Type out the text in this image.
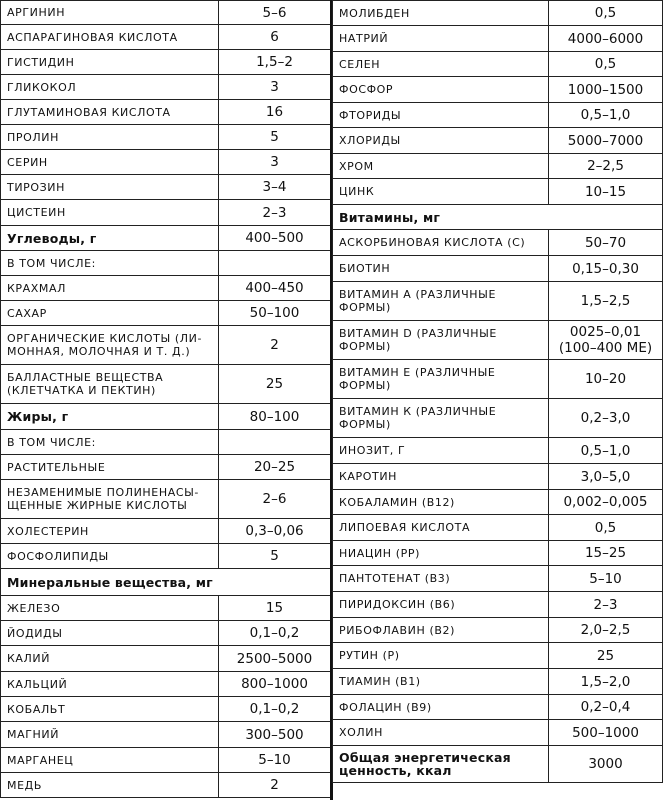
АРГИНИН	5–6
АСПАРАГИНОВАЯ КИСЛОТА	6
ГИСТИДИН	1,5–2
ГЛИКОКОЛ	3
ГЛУТАМИНОВАЯ КИСЛОТА	16
ПРОЛИН	5
СЕРИН	3
ТИРОЗИН	3–4
ЦИСТЕИН	2–3
Углеводы, г	400–500
В ТОМ ЧИСЛЕ:	
КРАХМАЛ	400–450
САХАР	50–100
ОРГАНИЧЕСКИЕ КИСЛОТЫ (ЛИ-МОННАЯ, МОЛОЧНАЯ И Т. Д.)	2
БАЛЛАСТНЫЕ ВЕЩЕСТВА (КЛЕТЧАТКА И ПЕКТИН)	25
Жиры, г	80–100
В ТОМ ЧИСЛЕ:	
РАСТИТЕЛЬНЫЕ	20–25
НЕЗАМЕНИМЫЕ ПОЛИНЕНАСЫ-ЩЕННЫЕ ЖИРНЫЕ КИСЛОТЫ	2–6
ХОЛЕСТЕРИН	0,3–0,06
ФОСФОЛИПИДЫ	5
Минеральные вещества, мг	
ЖЕЛЕЗО	15
ЙОДИДЫ	0,1–0,2
КАЛИЙ	2500–5000
КАЛЬЦИЙ	800–1000
КОБАЛЬТ	0,1–0,2
МАГНИЙ	300–500
МАРГАНЕЦ	5–10
МЕДЬ	2
МОЛИБДЕН	0,5
НАТРИЙ	4000–6000
СЕЛЕН	0,5
ФОСФОР	1000–1500
ФТОРИДЫ	0,5–1,0
ХЛОРИДЫ	5000–7000
ХРОМ	2–2,5
ЦИНК	10–15
Витамины, мг	
АСКОРБИНОВАЯ КИСЛОТА (С)	50–70
БИОТИН	0,15–0,30
ВИТАМИН А (РАЗЛИЧНЫЕ ФОРМЫ)	1,5–2,5
ВИТАМИН D (РАЗЛИЧНЫЕ ФОРМЫ)	0025–0,01 (100–400 МЕ)
ВИТАМИН Е (РАЗЛИЧНЫЕ ФОРМЫ)	10–20
ВИТАМИН К (РАЗЛИЧНЫЕ ФОРМЫ)	0,2–3,0
ИНОЗИТ, Г	0,5–1,0
КАРОТИН	3,0–5,0
КОБАЛАМИН (В12)	0,002–0,005
ЛИПОЕВАЯ КИСЛОТА	0,5
НИАЦИН (РР)	15–25
ПАНТОТЕНАТ (В3)	5–10
ПИРИДОКСИН (В6)	2–3
РИБОФЛАВИН (В2)	2,0–2,5
РУТИН (Р)	25
ТИАМИН (В1)	1,5–2,0
ФОЛАЦИН (В9)	0,2–0,4
ХОЛИН	500–1000
Общая энергетическая ценность, ккал	3000
